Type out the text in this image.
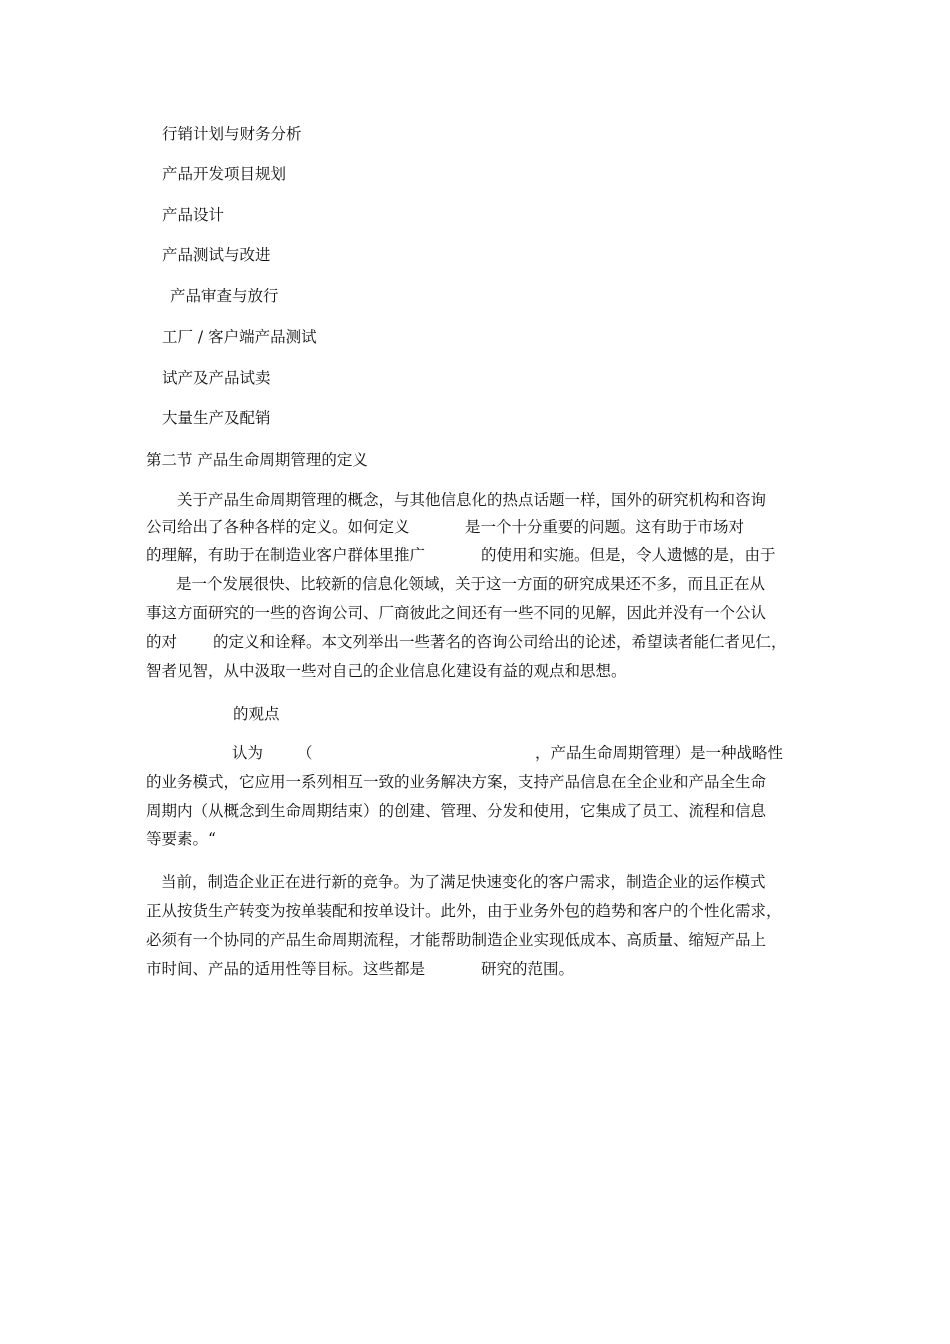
行销计划与财务分析
产品开发项目规划
产品设计
产品测试与改进
产品审查与放行
工厂 / 客户端产品测试
试产及产品试卖
大量生产及配销
第二节 产品生命周期管理的定义
关于产品生命周期管理的概念，与其他信息化的热点话题一样，国外的研究机构和咨询
公司给出了各种各样的定义。如何定义	是一个十分重要的问题。这有助于市场对
的理解，有助于在制造业客户群体里推广	的使用和实施。但是，令人遗憾的是，由于
是一个发展很快、比较新的信息化领域，关于这一方面的研究成果还不多，而且正在从
事这方面研究的一些的咨询公司、厂商彼此之间还有一些不同的见解，因此并没有一个公认
的对 的定义和诠释。本文列举出一些著名的咨询公司给出的论述，希望读者能仁者见仁，
智者见智，从中汲取一些对自己的企业信息化建设有益的观点和思想。
的观点
认为 （	，产品生命周期管理）是一种战略性
的业务模式，它应用一系列相互一致的业务解决方案，支持产品信息在全企业和产品全生命
周期内（从概念到生命周期结束）的创建、管理、分发和使用，它集成了员工、流程和信息
等要素。“
当前，制造企业正在进行新的竞争。为了满足快速变化的客户需求，制造企业的运作模式
正从按货生产转变为按单装配和按单设计。此外，由于业务外包的趋势和客户的个性化需求，
必须有一个协同的产品生命周期流程，才能帮助制造企业实现低成本、高质量、缩短产品上
市时间、产品的适用性等目标。这些都是	研究的范围。
